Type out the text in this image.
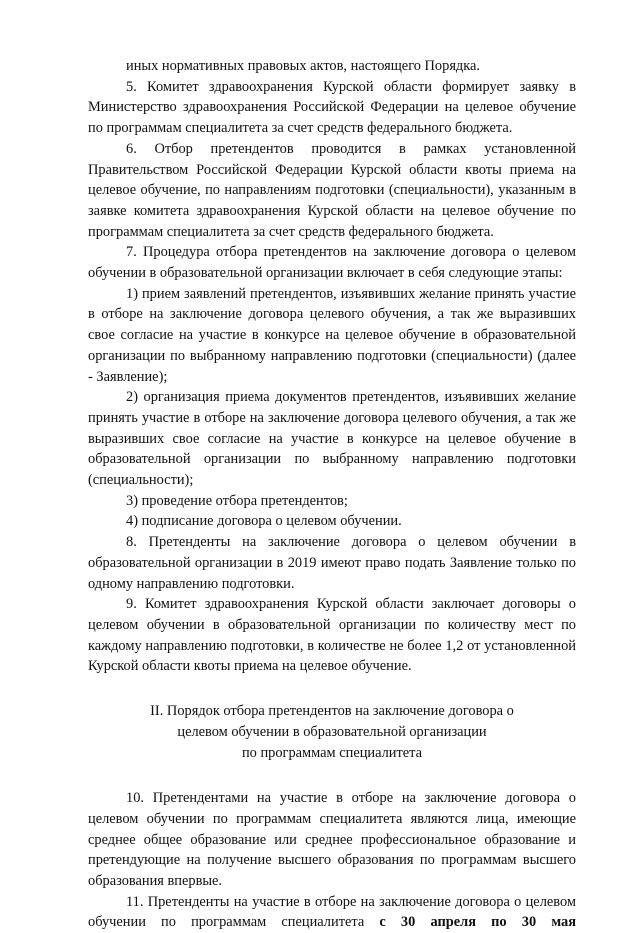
иных нормативных правовых актов, настоящего Порядка.

5. Комитет здравоохранения Курской области формирует заявку в Министерство здравоохранения Российской Федерации на целевое обучение по программам специалитета за счет средств федерального бюджета.

6. Отбор претендентов проводится в рамках установленной Правительством Российской Федерации Курской области квоты приема на целевое обучение, по направлениям подготовки (специальности), указанным в заявке комитета здравоохранения Курской области на целевое обучение по программам специалитета за счет средств федерального бюджета.

7. Процедура отбора претендентов на заключение договора о целевом обучении в образовательной организации включает в себя следующие этапы:

1) прием заявлений претендентов, изъявивших желание принять участие в отборе на заключение договора целевого обучения, а так же выразивших свое согласие на участие в конкурсе на целевое обучение в образовательной организации по выбранному направлению подготовки (специальности) (далее - Заявление);

2) организация приема документов претендентов, изъявивших желание принять участие в отборе на заключение договора целевого обучения, а так же выразивших свое согласие на участие в конкурсе на целевое обучение в образовательной организации по выбранному направлению подготовки (специальности);

3) проведение отбора претендентов;

4) подписание договора о целевом обучении.

8. Претенденты на заключение договора о целевом обучении в образовательной организации в 2019 имеют право подать Заявление только по одному направлению подготовки.

9. Комитет здравоохранения Курской области заключает договоры о целевом обучении в образовательной организации по количеству мест по каждому направлению подготовки, в количестве не более 1,2 от установленной Курской области квоты приема на целевое обучение.

II. Порядок отбора претендентов на заключение договора о
целевом обучении в образовательной организации
по программам специалитета

10. Претендентами на участие в отборе на заключение договора о целевом обучении по программам специалитета являются лица, имеющие среднее общее образование или среднее профессиональное образование и претендующие на получение высшего образования по программам высшего образования впервые.

11. Претенденты на участие в отборе на заключение договора о целевом обучении по программам специалитета с 30 апреля по 30 мая
